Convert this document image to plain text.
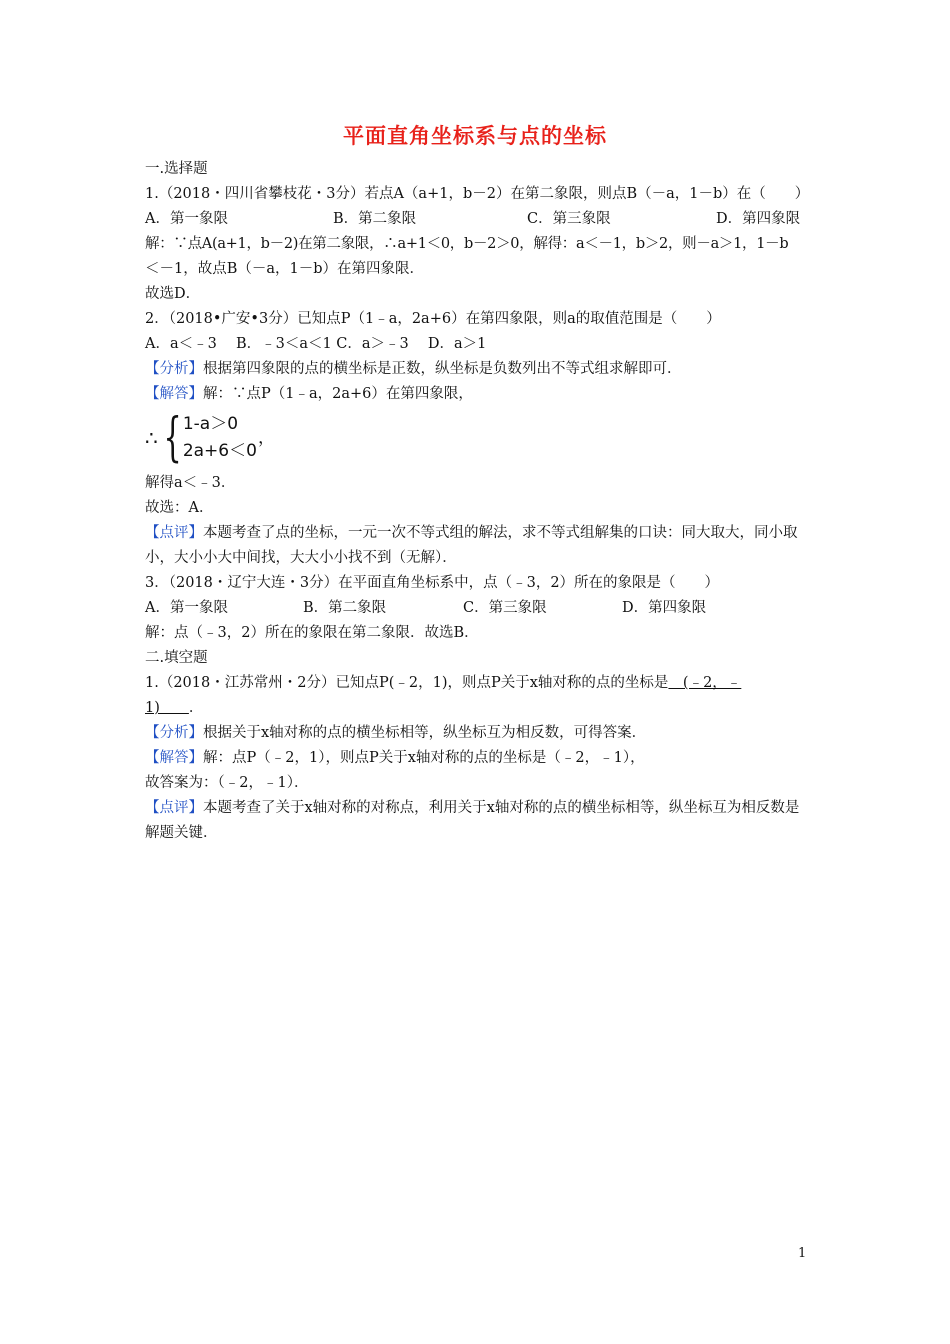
平面直角坐标系与点的坐标
一.选择题
1.（2018・四川省攀枝花・3分）若点A（a+1，b－2）在第二象限，则点B（－a，1－b）在（　　）
A．第一象限	B．第二象限	C．第三象限	D．第四象限
解：∵点A(a+1，b－2)在第二象限，∴a+1＜0，b－2＞0，解得：a＜－1，b＞2，则－a＞1，1－b
＜－1，故点B（－a，1－b）在第四象限．
故选D．
2．（2018•广安•3分）已知点P（1﹣a，2a+6）在第四象限，则a的取值范围是（　　）
A．a＜﹣3　 B．﹣3＜a＜1 C．a＞﹣3　 D．a＞1
【分析】根据第四象限的点的横坐标是正数，纵坐标是负数列出不等式组求解即可．
【解答】解：∵点P（1﹣a，2a+6）在第四象限，
∴ { 1-a＞0
2a+6＜0
，
解得a＜﹣3．
故选：A．
【点评】本题考查了点的坐标，一元一次不等式组的解法，求不等式组解集的口诀：同大取大，同小取小，大小小大中间找，大大小小找不到（无解）．
3．（2018・辽宁大连・3分）在平面直角坐标系中，点（﹣3，2）所在的象限是（　　）
A．第一象限	B．第二象限	C．第三象限	D．第四象限
解：点（﹣3，2）所在的象限在第二象限．故选B．
二.填空题
1.（2018・江苏常州・2分）已知点P(﹣2，1)，则点P关于x轴对称的点的坐标是　(﹣2，﹣
1)　　．
【分析】根据关于x轴对称的点的横坐标相等，纵坐标互为相反数，可得答案．
【解答】解：点P（﹣2，1），则点P关于x轴对称的点的坐标是（﹣2，﹣1），
故答案为：（﹣2，﹣1）．
【点评】本题考查了关于x轴对称的对称点，利用关于x轴对称的点的横坐标相等，纵坐标互为相反数是解题关键．
1
